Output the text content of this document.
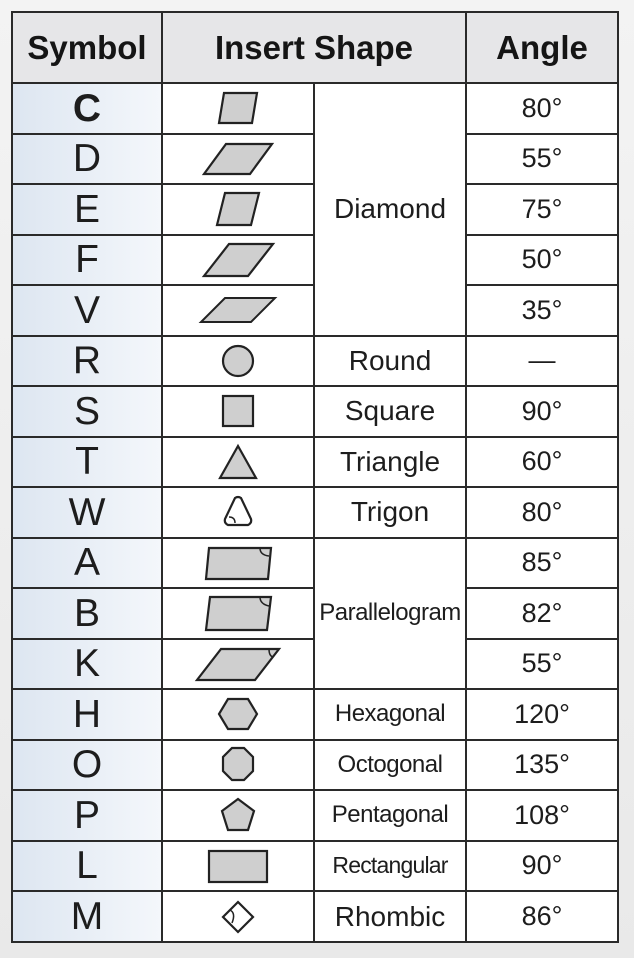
Symbol	Insert Shape		Angle
C		Diamond	80°
D			55°
E			75°
F			50°
V			35°
R		Round	—
S		Square	90°
T		Triangle	60°
W		Trigon	80°
A		Parallelogram	85°
B			82°
K			55°
H		Hexagonal	120°
O		Octogonal	135°
P		Pentagonal	108°
L		Rectangular	90°
M		Rhombic	86°
